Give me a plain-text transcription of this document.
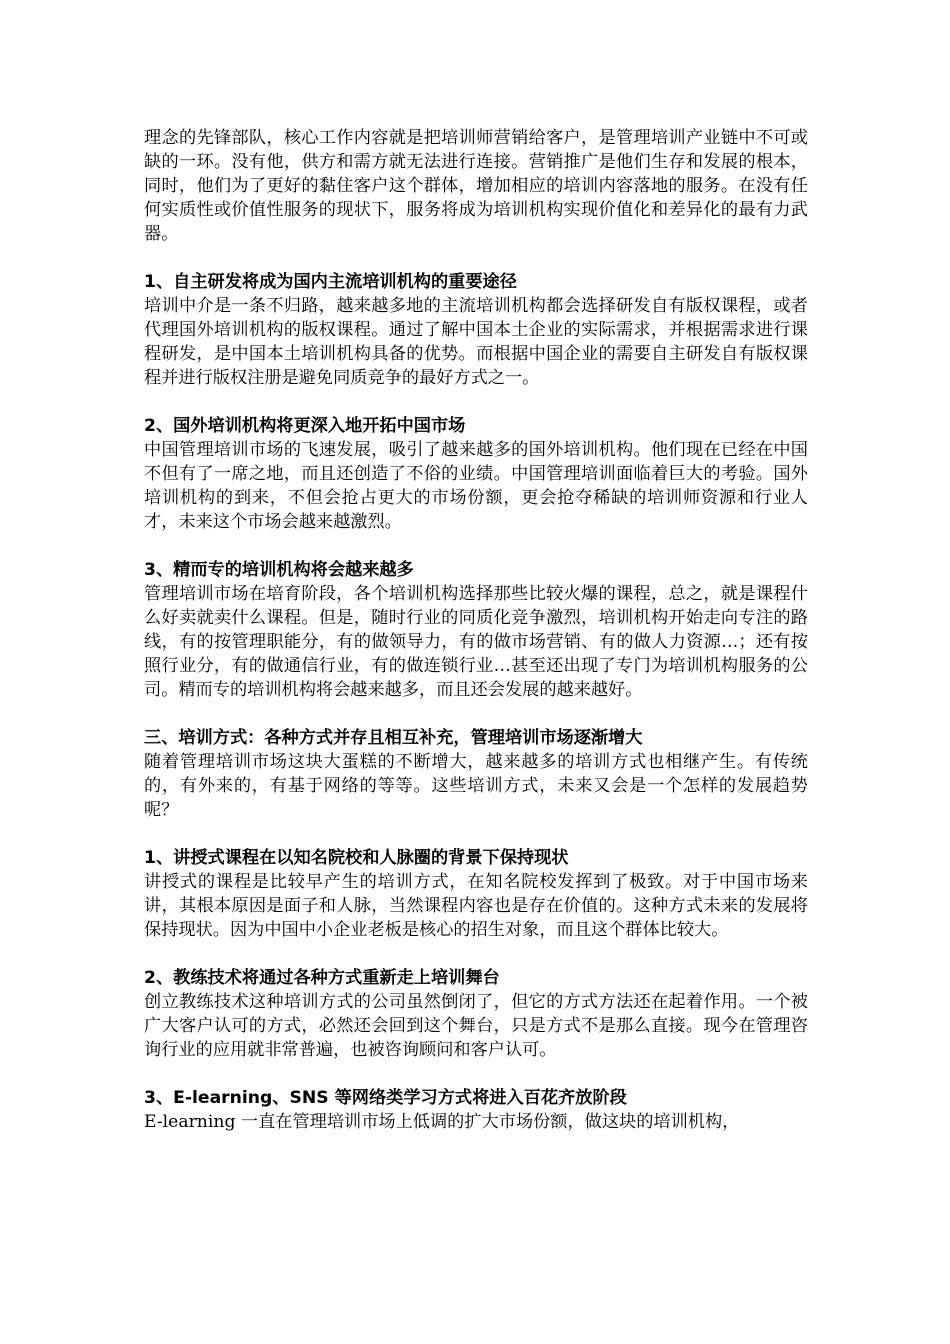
理念的先锋部队，核心工作内容就是把培训师营销给客户，是管理培训产业链中不可或缺的一环。没有他，供方和需方就无法进行连接。营销推广是他们生存和发展的根本，同时，他们为了更好的黏住客户这个群体，增加相应的培训内容落地的服务。在没有任何实质性或价值性服务的现状下，服务将成为培训机构实现价值化和差异化的最有力武器。

1、自主研发将成为国内主流培训机构的重要途径

培训中介是一条不归路，越来越多地的主流培训机构都会选择研发自有版权课程，或者代理国外培训机构的版权课程。通过了解中国本土企业的实际需求，并根据需求进行课程研发，是中国本土培训机构具备的优势。而根据中国企业的需要自主研发自有版权课程并进行版权注册是避免同质竞争的最好方式之一。

2、国外培训机构将更深入地开拓中国市场

中国管理培训市场的飞速发展，吸引了越来越多的国外培训机构。他们现在已经在中国不但有了一席之地，而且还创造了不俗的业绩。中国管理培训面临着巨大的考验。国外培训机构的到来，不但会抢占更大的市场份额，更会抢夺稀缺的培训师资源和行业人才，未来这个市场会越来越激烈。

3、精而专的培训机构将会越来越多

管理培训市场在培育阶段，各个培训机构选择那些比较火爆的课程，总之，就是课程什么好卖就卖什么课程。但是，随时行业的同质化竞争激烈，培训机构开始走向专注的路线，有的按管理职能分，有的做领导力，有的做市场营销、有的做人力资源…；还有按照行业分，有的做通信行业，有的做连锁行业…甚至还出现了专门为培训机构服务的公司。精而专的培训机构将会越来越多，而且还会发展的越来越好。

三、培训方式：各种方式并存且相互补充，管理培训市场逐渐增大

随着管理培训市场这块大蛋糕的不断增大，越来越多的培训方式也相继产生。有传统的，有外来的，有基于网络的等等。这些培训方式，未来又会是一个怎样的发展趋势呢？

1、讲授式课程在以知名院校和人脉圈的背景下保持现状

讲授式的课程是比较早产生的培训方式，在知名院校发挥到了极致。对于中国市场来讲，其根本原因是面子和人脉，当然课程内容也是存在价值的。这种方式未来的发展将保持现状。因为中国中小企业老板是核心的招生对象，而且这个群体比较大。

2、教练技术将通过各种方式重新走上培训舞台

创立教练技术这种培训方式的公司虽然倒闭了，但它的方式方法还在起着作用。一个被广大客户认可的方式，必然还会回到这个舞台，只是方式不是那么直接。现今在管理咨询行业的应用就非常普遍，也被咨询顾问和客户认可。

3、E-learning、SNS 等网络类学习方式将进入百花齐放阶段

E-learning 一直在管理培训市场上低调的扩大市场份额，做这块的培训机构，
